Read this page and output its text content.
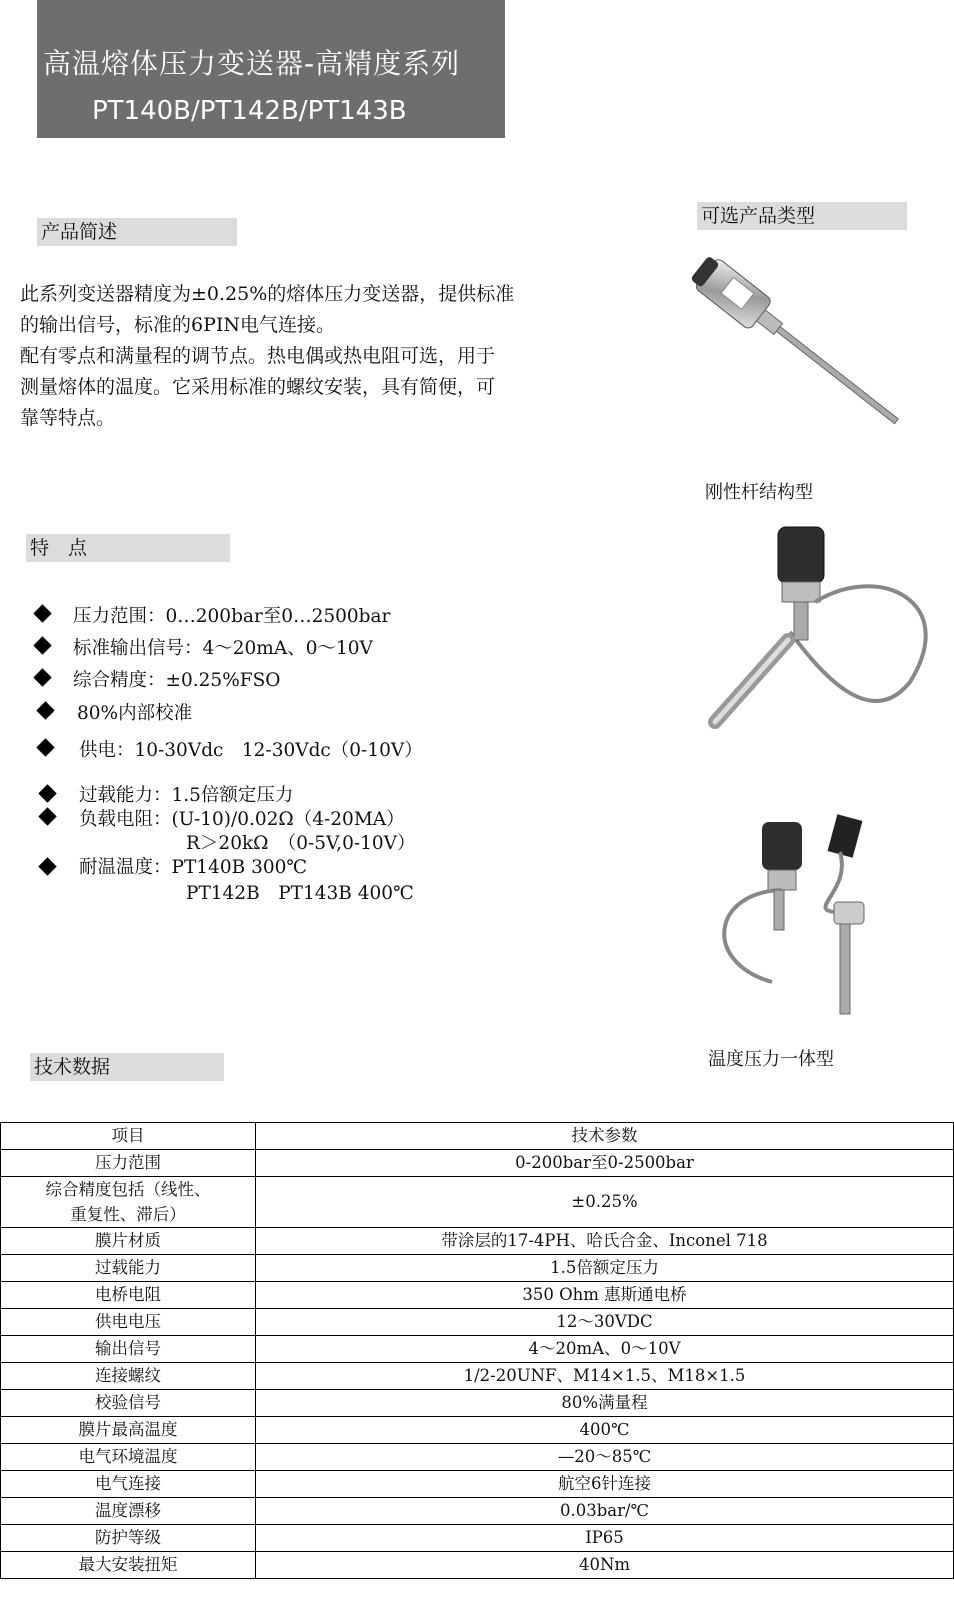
高温熔体压力变送器-高精度系列
PT140B/PT142B/PT143B
产品简述
此系列变送器精度为±0.25%的熔体压力变送器，提供标准
的输出信号，标准的6PIN电气连接。
配有零点和满量程的调节点。热电偶或热电阻可选，用于
测量熔体的温度。它采用标准的螺纹安装，具有简便，可
靠等特点。
可选产品类型
刚性杆结构型
温度压力一体型
特　点
压力范围：0…200bar至0…2500bar
标准输出信号：4～20mA、0～10V
综合精度：±0.25%FSO
80%内部校准
供电：10-30Vdc　12-30Vdc（0-10V）
过载能力：1.5倍额定压力
负载电阻：(U-10)/0.02Ω（4-20MA）
R＞20kΩ　（0-5V,0-10V）
耐温温度：PT140B 300℃
PT142B　PT143B 400℃
技术数据
项目	技术参数
压力范围	0-200bar至0-2500bar
综合精度包括（线性、
重复性、滞后）	±0.25%
膜片材质	带涂层的17-4PH、哈氏合金、Inconel 718
过载能力	1.5倍额定压力
电桥电阻	350 Ohm 惠斯通电桥
供电电压	12～30VDC
输出信号	4～20mA、0～10V
连接螺纹	1/2-20UNF、M14×1.5、M18×1.5
校验信号	80%满量程
膜片最高温度	400℃
电气环境温度	—20～85℃
电气连接	航空6针连接
温度漂移	0.03bar/℃
防护等级	IP65
最大安装扭矩	40Nm
